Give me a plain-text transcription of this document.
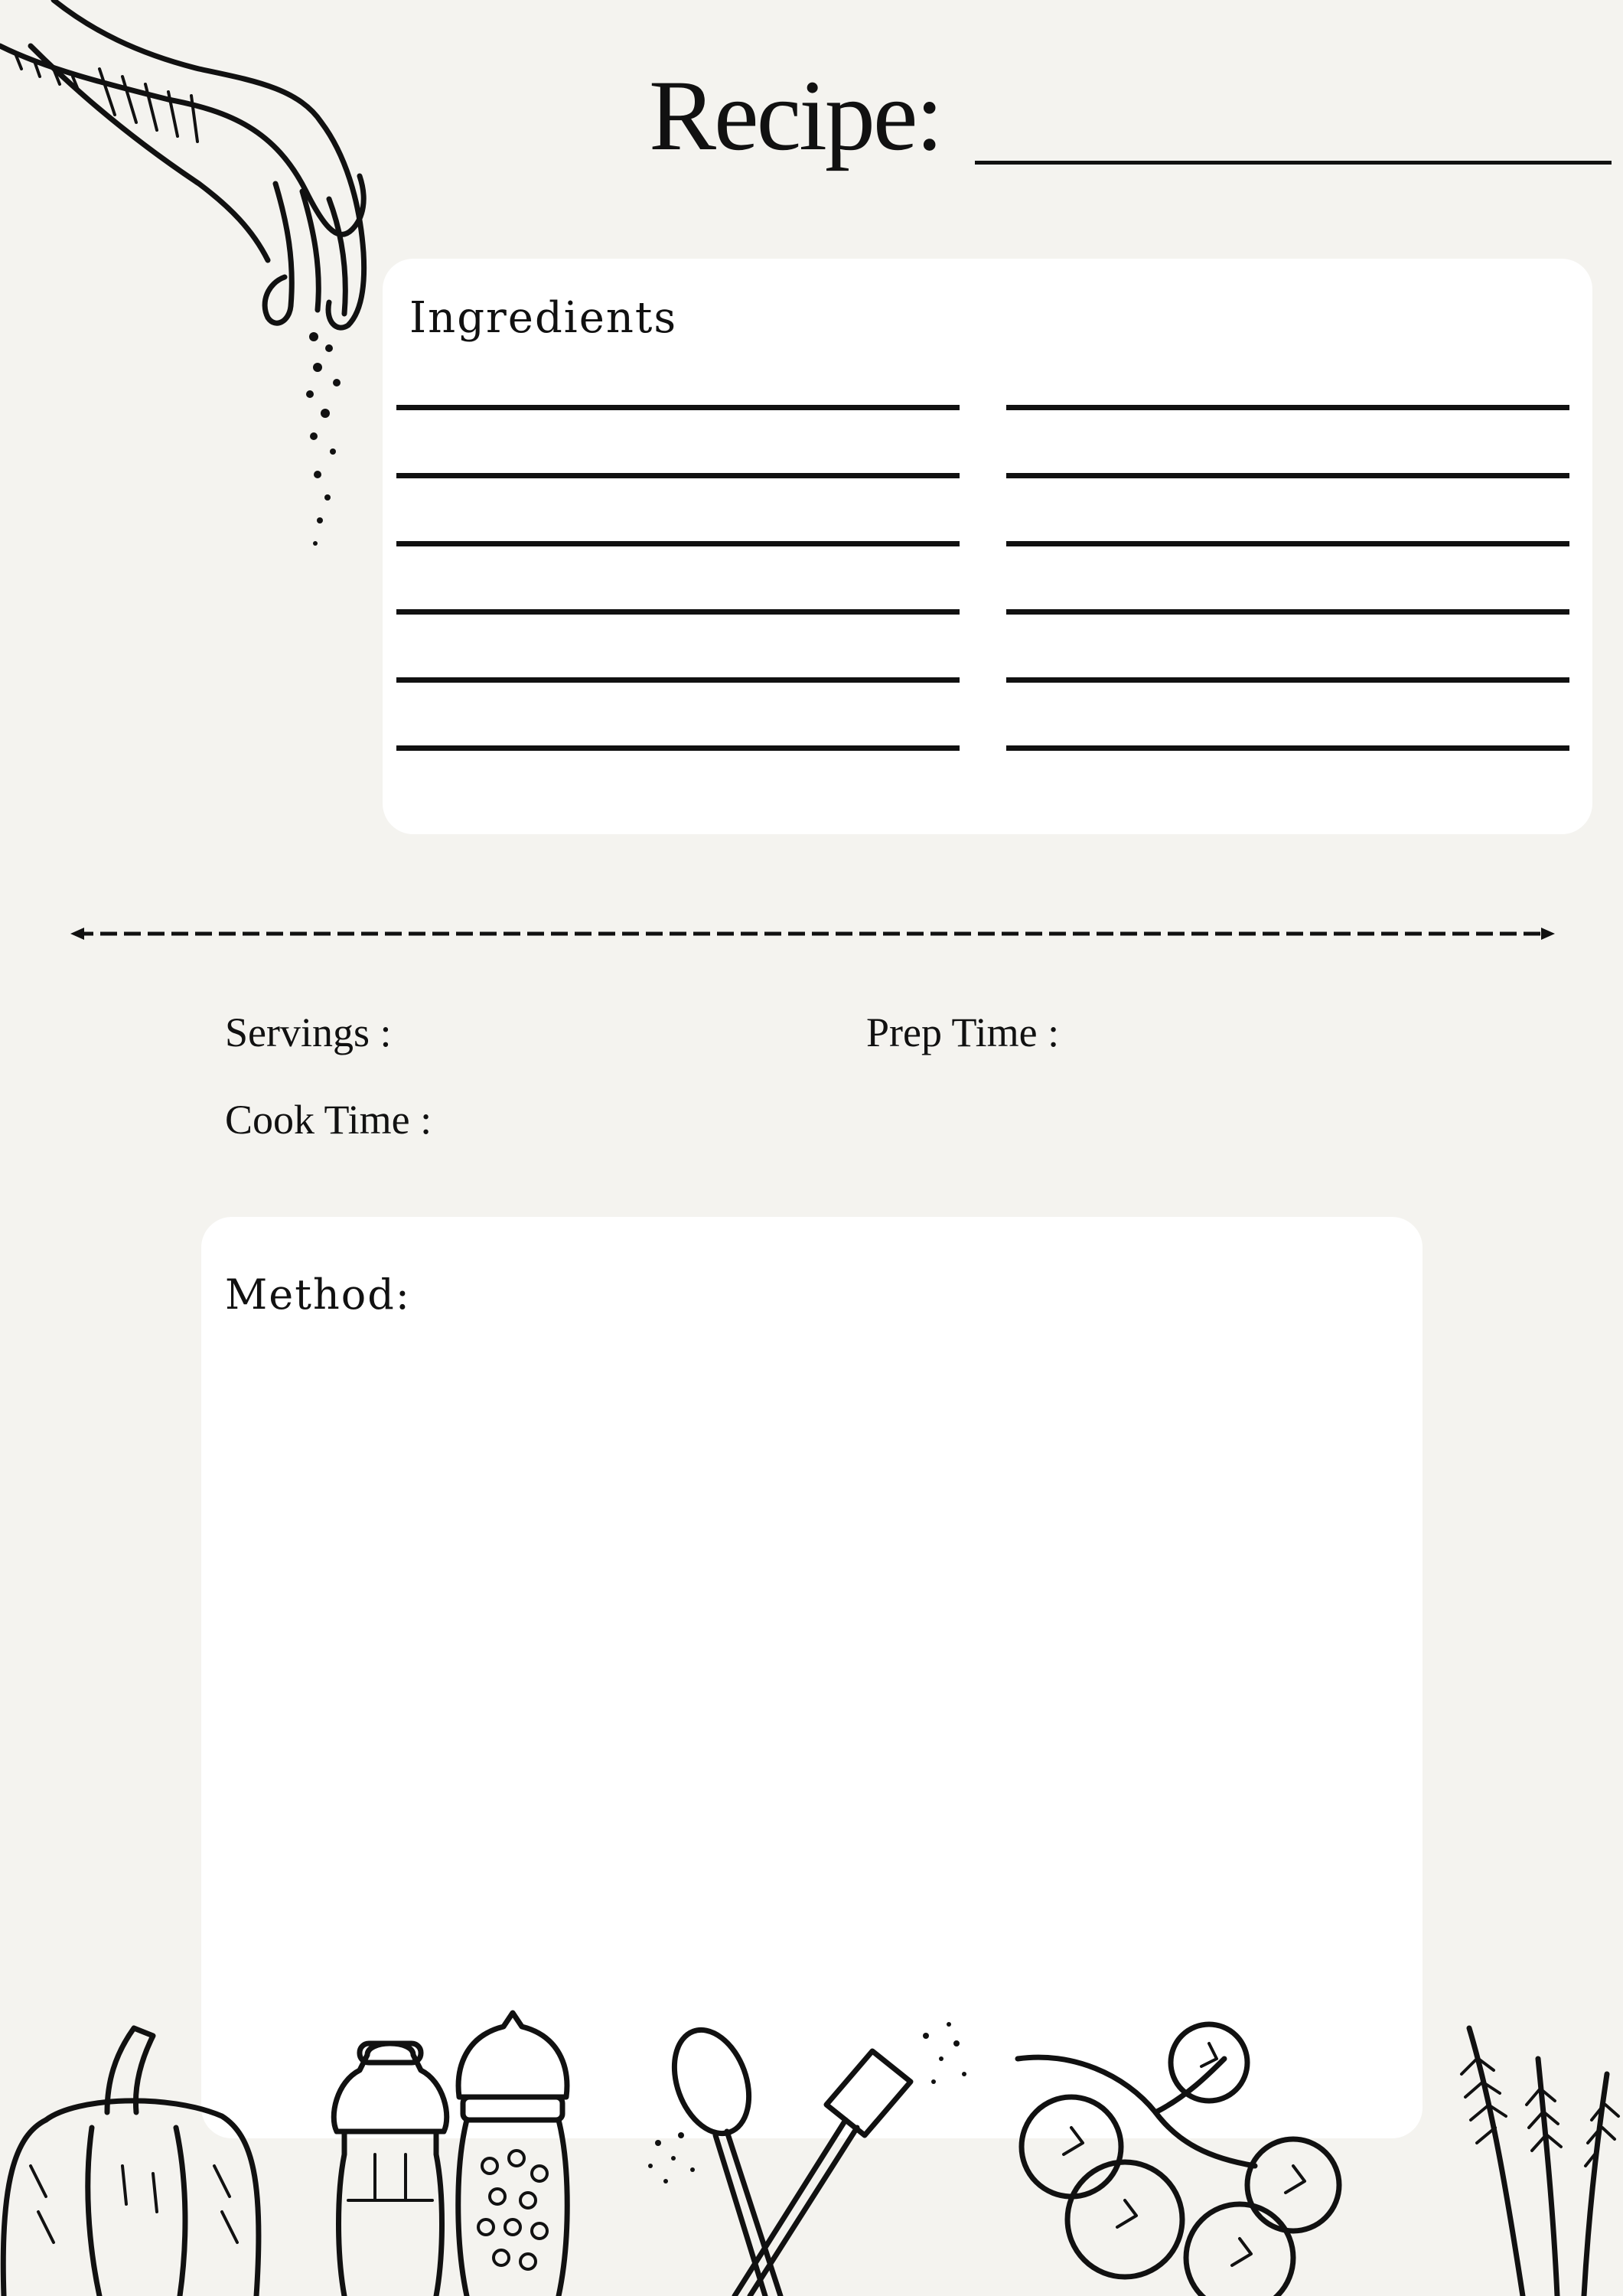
Recipe:
Ingredients
Servings :	Prep Time :
Cook Time :
Method:
